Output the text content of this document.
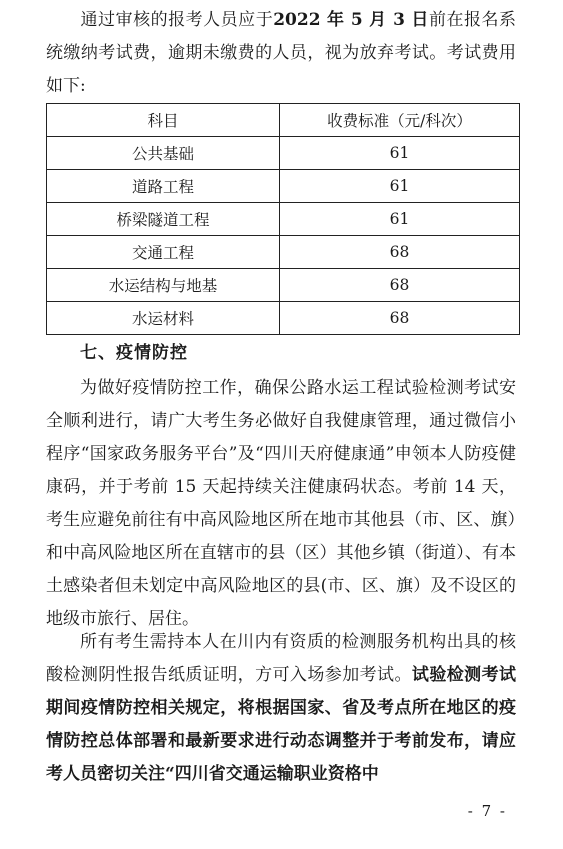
通过审核的报考人员应于2022 年 5 月 3 日前在报名系统缴纳考试费，逾期未缴费的人员，视为放弃考试。考试费用如下:

科目	收费标准（元/科次）
公共基础	61
道路工程	61
桥梁隧道工程	61
交通工程	68
水运结构与地基	68
水运材料	68
七、疫情防控

为做好疫情防控工作，确保公路水运工程试验检测考试安全顺利进行，请广大考生务必做好自我健康管理，通过微信小程序“国家政务服务平台”及“四川天府健康通”申领本人防疫健康码，并于考前 15 天起持续关注健康码状态。考前 14 天，考生应避免前往有中高风险地区所在地市其他县（市、区、旗）和中高风险地区所在直辖市的县（区）其他乡镇（街道）、有本土感染者但未划定中高风险地区的县(市、区、旗）及不设区的地级市旅行、居住。

所有考生需持本人在川内有资质的检测服务机构出具的核酸检测阴性报告纸质证明，方可入场参加考试。试验检测考试期间疫情防控相关规定，将根据国家、省及考点所在地区的疫情防控总体部署和最新要求进行动态调整并于考前发布，请应考人员密切关注“四川省交通运输职业资格中

- 7 -
